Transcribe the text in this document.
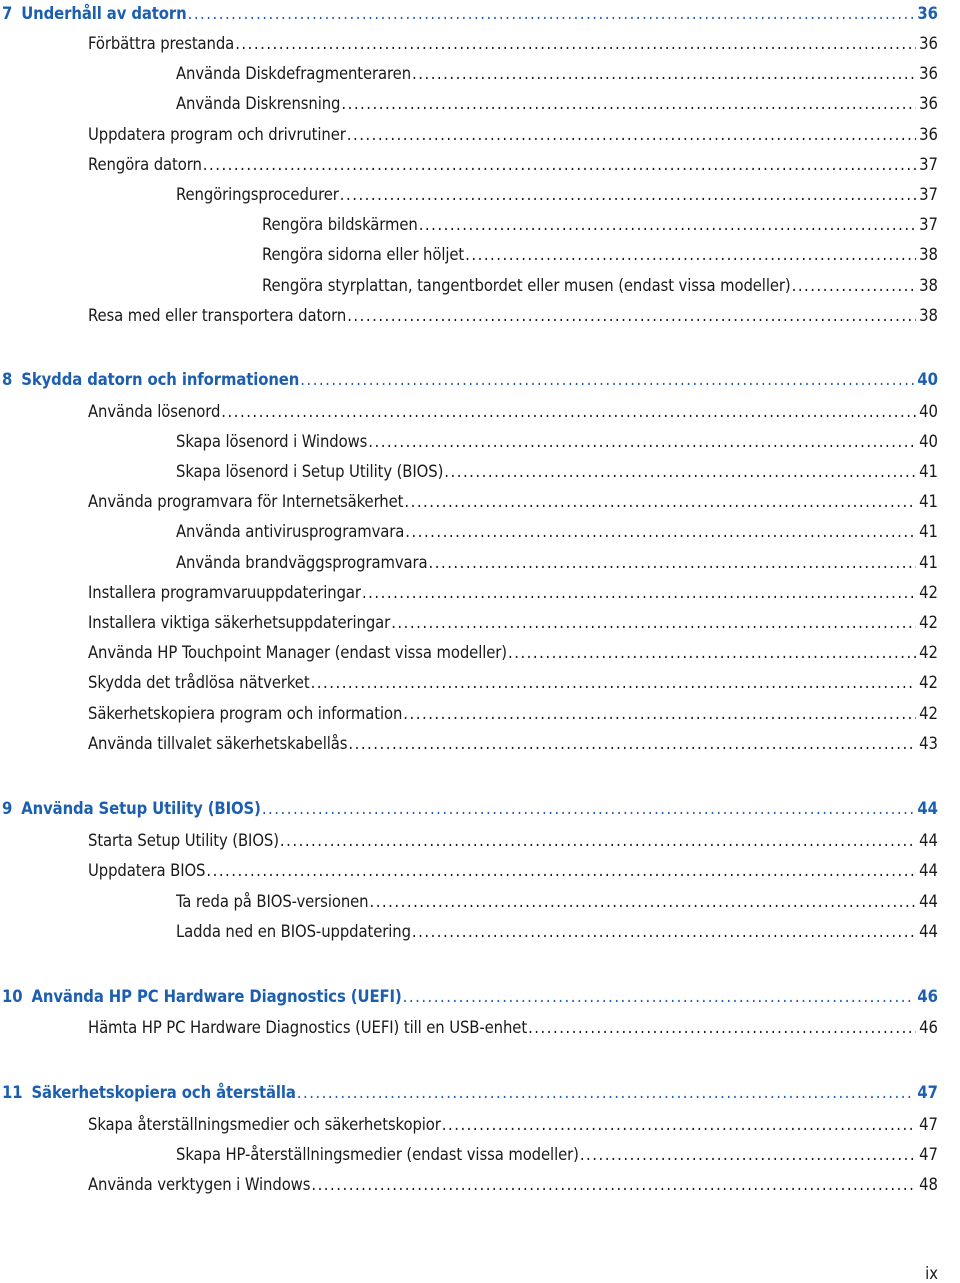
7 Underhåll av datorn . . .	36
Förbättra prestanda . . .	36
Använda Diskdefragmenteraren . . .	36
Använda Diskrensning . . .	36
Uppdatera program och drivrutiner . . .	36
Rengöra datorn . . .	37
Rengöringsprocedurer . . .	37
Rengöra bildskärmen . . .	37
Rengöra sidorna eller höljet . . .	38
Rengöra styrplattan, tangentbordet eller musen (endast vissa modeller) . . .	38
Resa med eller transportera datorn . . .	38
8 Skydda datorn och informationen . . .	40
Använda lösenord . . .	40
Skapa lösenord i Windows . . .	40
Skapa lösenord i Setup Utility (BIOS) . . .	41
Använda programvara för Internetsäkerhet . . .	41
Använda antivirusprogramvara . . .	41
Använda brandväggsprogramvara . . .	41
Installera programvaruuppdateringar . . .	42
Installera viktiga säkerhetsuppdateringar . . .	42
Använda HP Touchpoint Manager (endast vissa modeller) . . .	42
Skydda det trådlösa nätverket . . .	42
Säkerhetskopiera program och information . . .	42
Använda tillvalet säkerhetskabellås . . .	43
9 Använda Setup Utility (BIOS) . . .	44
Starta Setup Utility (BIOS) . . .	44
Uppdatera BIOS . . .	44
Ta reda på BIOS-versionen . . .	44
Ladda ned en BIOS-uppdatering . . .	44
10 Använda HP PC Hardware Diagnostics (UEFI) . . .	46
Hämta HP PC Hardware Diagnostics (UEFI) till en USB-enhet . . .	46
11 Säkerhetskopiera och återställa . . .	47
Skapa återställningsmedier och säkerhetskopior . . .	47
Skapa HP-återställningsmedier (endast vissa modeller) . . .	47
Använda verktygen i Windows . . .	48
ix
